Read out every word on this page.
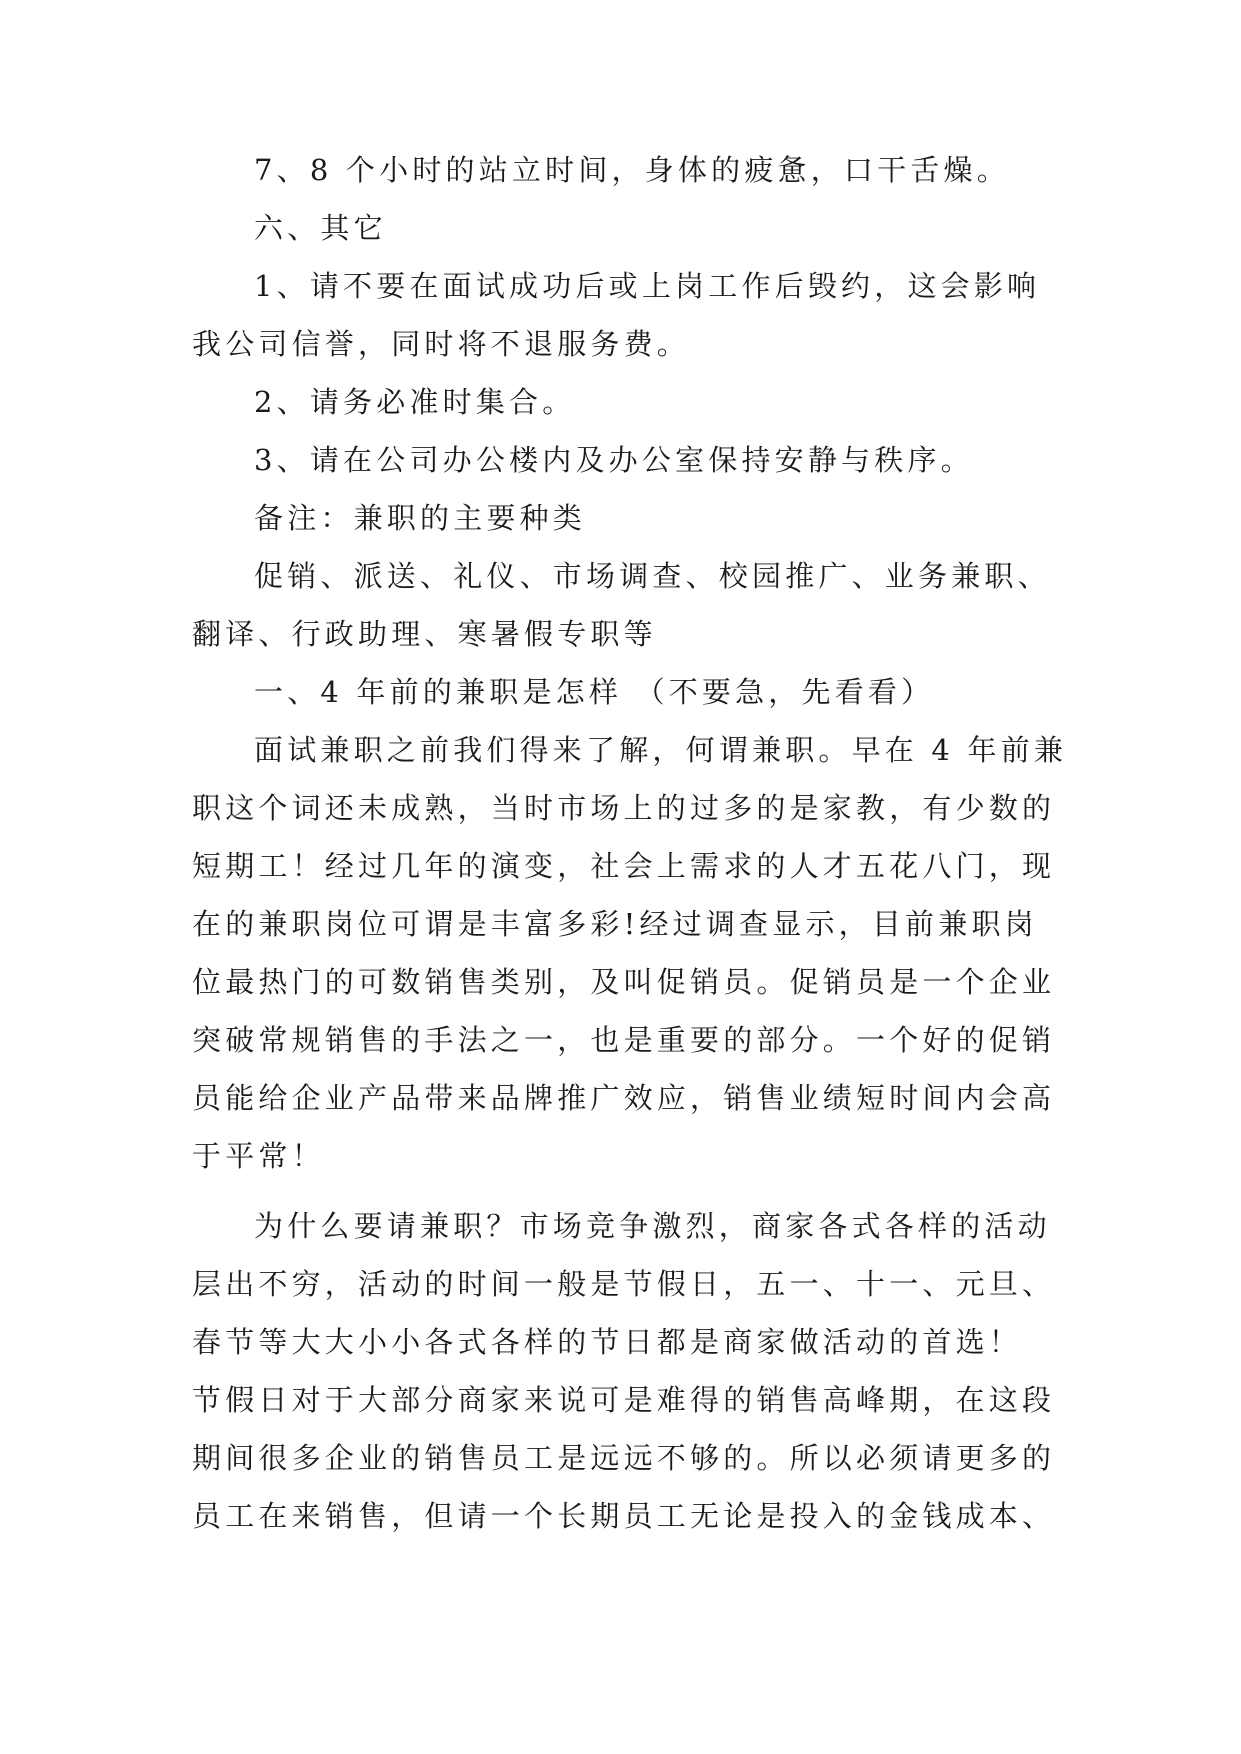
7、8 个小时的站立时间，身体的疲惫，口干舌燥。

六、其它

1、请不要在面试成功后或上岗工作后毁约，这会影响

我公司信誉，同时将不退服务费。

2、请务必准时集合。

3、请在公司办公楼内及办公室保持安静与秩序。

备注：兼职的主要种类

促销、派送、礼仪、市场调查、校园推广、业务兼职、

翻译、行政助理、寒暑假专职等

一、4 年前的兼职是怎样 （不要急，先看看）

面试兼职之前我们得来了解，何谓兼职。早在 4 年前兼

职这个词还未成熟，当时市场上的过多的是家教，有少数的

短期工！经过几年的演变，社会上需求的人才五花八门，现

在的兼职岗位可谓是丰富多彩!经过调查显示，目前兼职岗

位最热门的可数销售类别，及叫促销员。促销员是一个企业

突破常规销售的手法之一，也是重要的部分。一个好的促销

员能给企业产品带来品牌推广效应，销售业绩短时间内会高

于平常！

为什么要请兼职？市场竞争激烈，商家各式各样的活动

层出不穷，活动的时间一般是节假日，五一、十一、元旦、

春节等大大小小各式各样的节日都是商家做活动的首选！

节假日对于大部分商家来说可是难得的销售高峰期，在这段

期间很多企业的销售员工是远远不够的。所以必须请更多的

员工在来销售，但请一个长期员工无论是投入的金钱成本、
